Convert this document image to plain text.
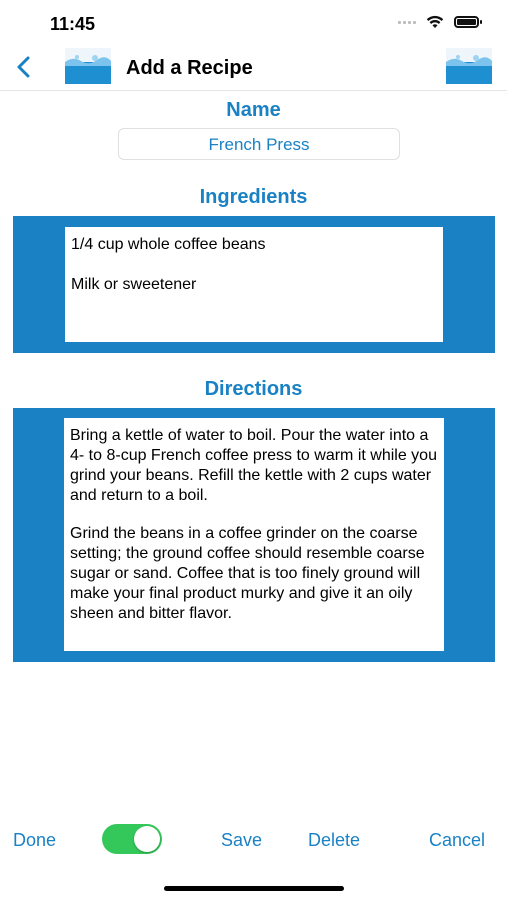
11:45
Add a Recipe
Name
French Press
Ingredients

1/4 cup whole coffee beans

Milk or sweetener

Directions

Bring a kettle of water to boil. Pour the water into a 4- to 8-cup French coffee press to warm it while you grind your beans. Refill the kettle with 2 cups water and return to a boil.

Grind the beans in a coffee grinder on the coarse setting; the ground coffee should resemble coarse sugar or sand. Coffee that is too finely ground will make your final product murky and give it an oily sheen and bitter flavor.

Done	Save	Delete	Cancel
